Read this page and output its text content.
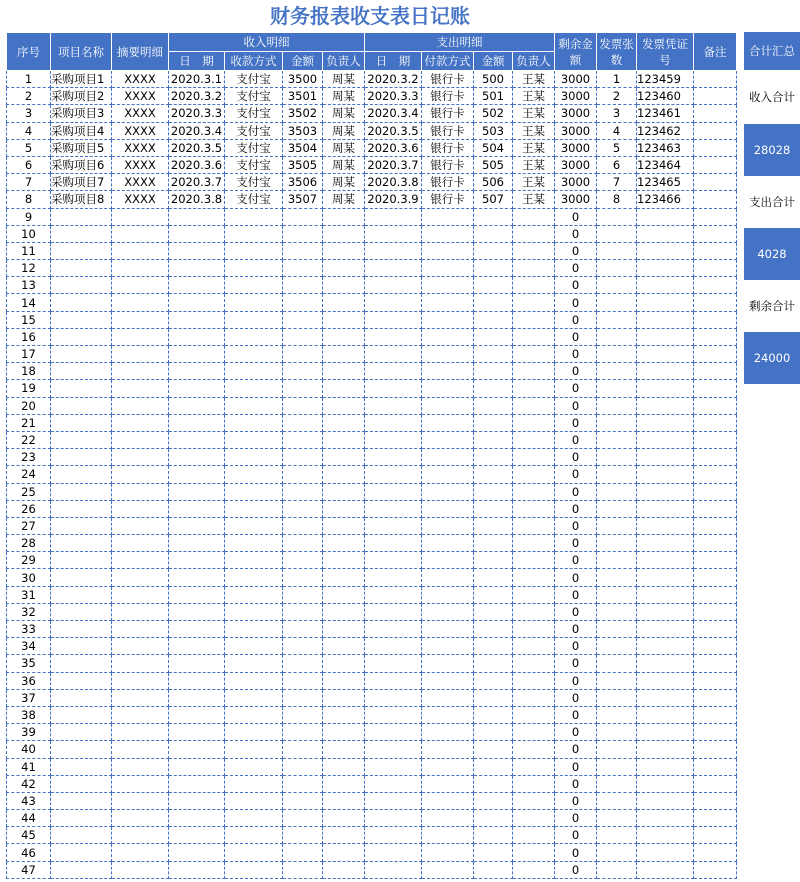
财务报表收支表日记账
序号	项目名称	摘要明细	收入明细				支出明细				剩余金额	发票张数	发票凭证号	备注
			日　期	收款方式	金额	负责人	日　期	付款方式	金额	负责人				
1	采购项目1	XXXX	2020.3.1	支付宝	3500	周某	2020.3.2	银行卡	500	王某	3000	1	123459	
2	采购项目2	XXXX	2020.3.2	支付宝	3501	周某	2020.3.3	银行卡	501	王某	3000	2	123460	
3	采购项目3	XXXX	2020.3.3	支付宝	3502	周某	2020.3.4	银行卡	502	王某	3000	3	123461	
4	采购项目4	XXXX	2020.3.4	支付宝	3503	周某	2020.3.5	银行卡	503	王某	3000	4	123462	
5	采购项目5	XXXX	2020.3.5	支付宝	3504	周某	2020.3.6	银行卡	504	王某	3000	5	123463	
6	采购项目6	XXXX	2020.3.6	支付宝	3505	周某	2020.3.7	银行卡	505	王某	3000	6	123464	
7	采购项目7	XXXX	2020.3.7	支付宝	3506	周某	2020.3.8	银行卡	506	王某	3000	7	123465	
8	采购项目8	XXXX	2020.3.8	支付宝	3507	周某	2020.3.9	银行卡	507	王某	3000	8	123466	
9											0			
10											0			
11											0			
12											0			
13											0			
14											0			
15											0			
16											0			
17											0			
18											0			
19											0			
20											0			
21											0			
22											0			
23											0			
24											0			
25											0			
26											0			
27											0			
28											0			
29											0			
30											0			
31											0			
32											0			
33											0			
34											0			
35											0			
36											0			
37											0			
38											0			
39											0			
40											0			
41											0			
42											0			
43											0			
44											0			
45											0			
46											0			
47											0			
合计汇总
收入合计
28028
支出合计
4028
剩余合计
24000
